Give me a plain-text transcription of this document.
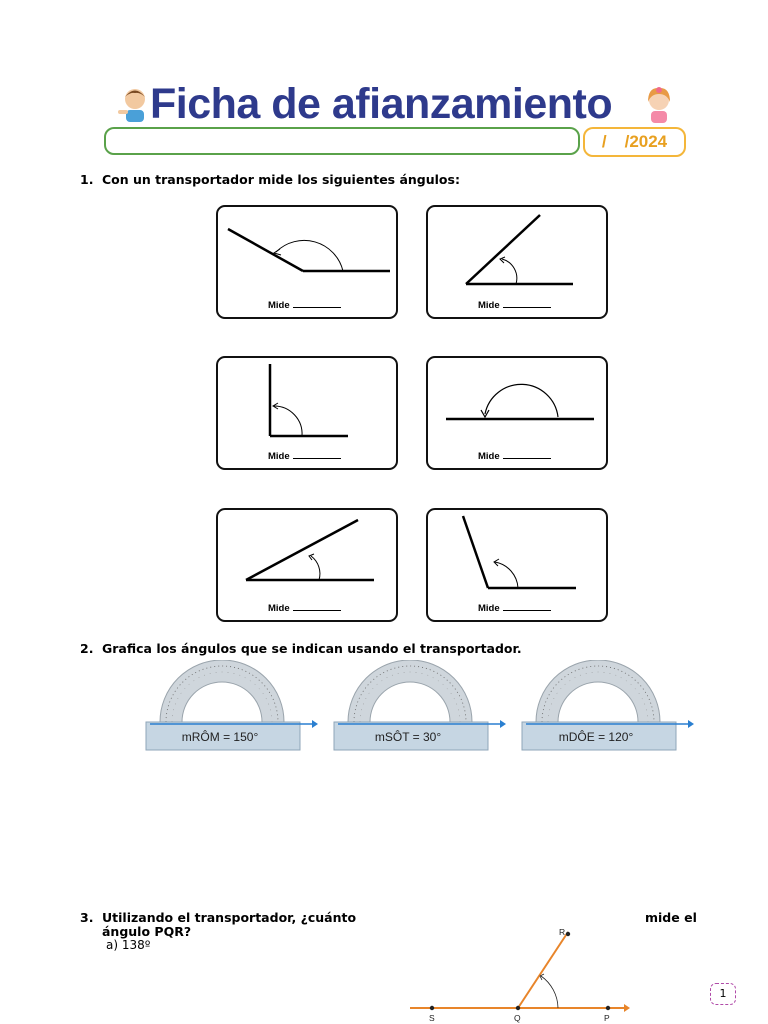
Ficha de afianzamiento
/ /2024
1. Con un transportador mide los siguientes ángulos:
Mide	Mide
Mide	Mide
Mide	Mide
2. Grafica los ángulos que se indican usando el transportador.
mRÔM = 150°	mSÔT = 30°	mDÔE = 120°
3. Utilizando el transportador, ¿cuánto	mide el
ángulo PQR?
a) 138º
R
S	Q	P
1
